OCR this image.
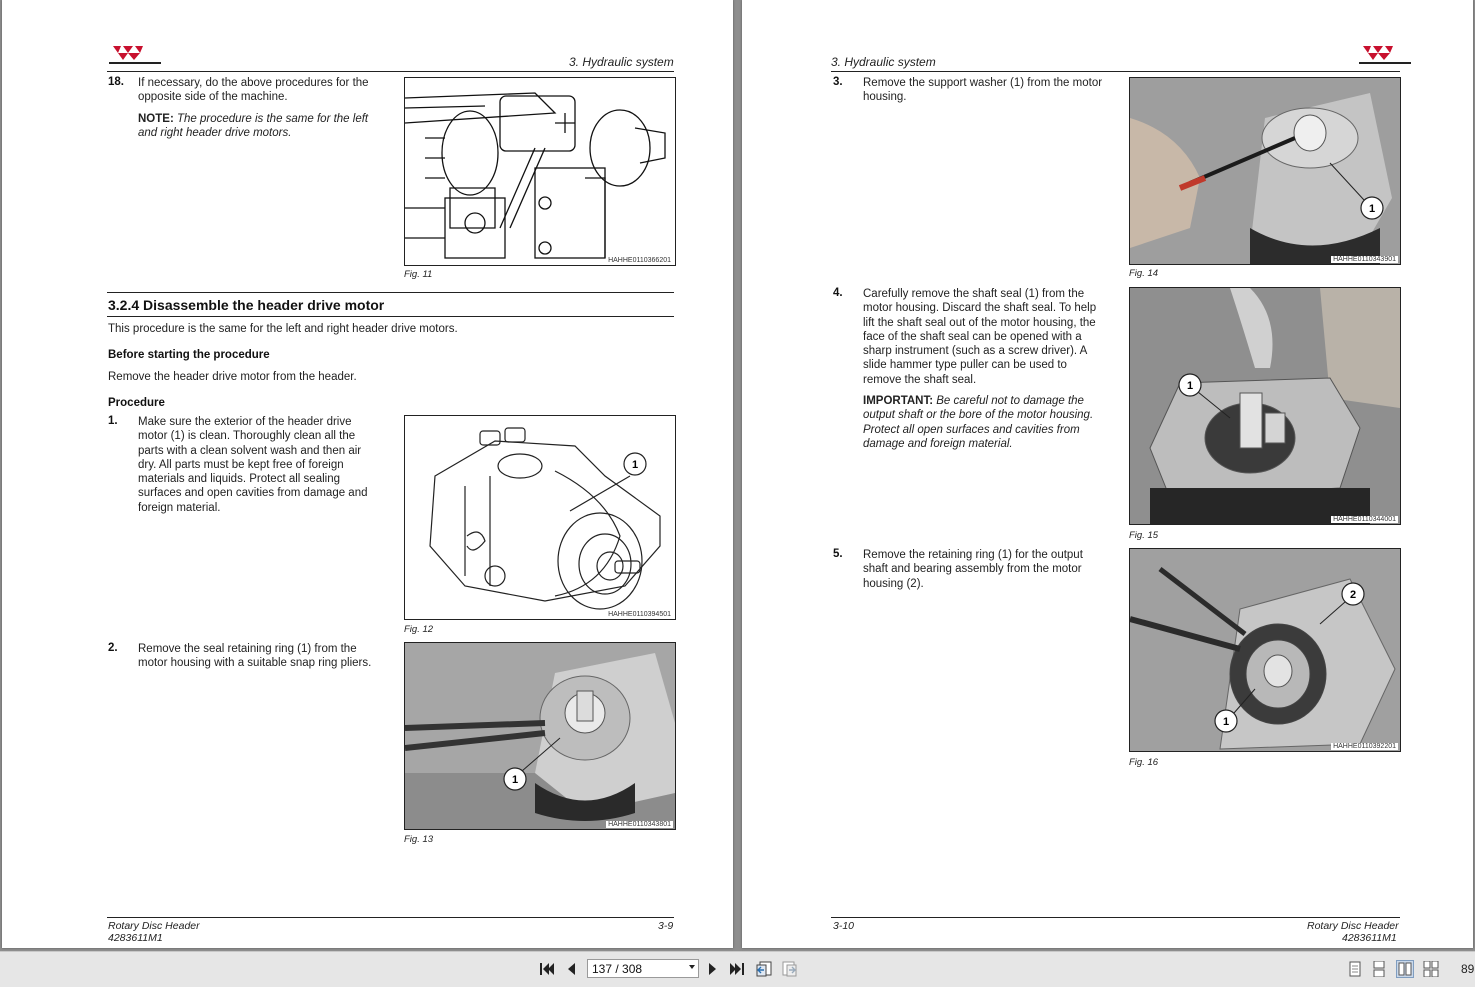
3. Hydraulic system
18. If necessary, do the above procedures for the opposite side of the machine.
NOTE: The procedure is the same for the left and right header drive motors.
HAHHE0110366201
Fig. 11
3.2.4 Disassemble the header drive motor
This procedure is the same for the left and right header drive motors.
Before starting the procedure
Remove the header drive motor from the header.
Procedure
1. Make sure the exterior of the header drive motor (1) is clean. Thoroughly clean all the parts with a clean solvent wash and then air dry. All parts must be kept free of foreign materials and liquids. Protect all sealing surfaces and open cavities from damage and foreign material.
1
HAHHE0110394501
Fig. 12
2. Remove the seal retaining ring (1) from the motor housing with a suitable snap ring pliers.
1
HAHHE0110343801
Fig. 13
Rotary Disc Header
4283611M1
3-9
3. Hydraulic system
3. Remove the support washer (1) from the motor housing.
1
HAHHE0110343901
Fig. 14
4. Carefully remove the shaft seal (1) from the motor housing. Discard the shaft seal. To help lift the shaft seal out of the motor housing, the face of the shaft seal can be opened with a sharp instrument (such as a screw driver). A slide hammer type puller can be used to remove the shaft seal.
IMPORTANT: Be careful not to damage the output shaft or the bore of the motor housing. Protect all open surfaces and cavities from damage and foreign material.
1
HAHHE0110344001
Fig. 15
5. Remove the retaining ring (1) for the output shaft and bearing assembly from the motor housing (2).
2
1
HAHHE0110392201
Fig. 16
3-10	Rotary Disc Header
4283611M1
137 / 308	89
